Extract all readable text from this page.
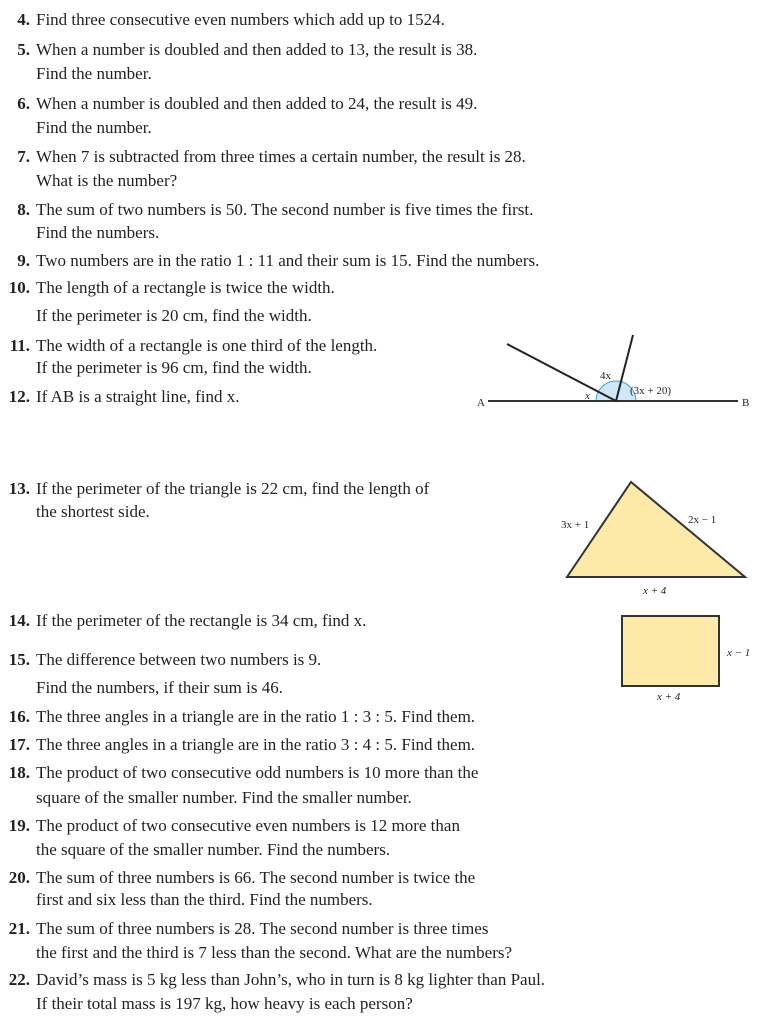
4. Find three consecutive even numbers which add up to 1524.
5. When a number is doubled and then added to 13, the result is 38.
Find the number.
6. When a number is doubled and then added to 24, the result is 49.
Find the number.
7. When 7 is subtracted from three times a certain number, the result is 28.
What is the number?
8. The sum of two numbers is 50. The second number is five times the first.
Find the numbers.
9. Two numbers are in the ratio 1 : 11 and their sum is 15. Find the numbers.
10. The length of a rectangle is twice the width.
If the perimeter is 20 cm, find the width.
11. The width of a rectangle is one third of the length.
If the perimeter is 96 cm, find the width.
12. If AB is a straight line, find x.
13. If the perimeter of the triangle is 22 cm, find the length of
the shortest side.
14. If the perimeter of the rectangle is 34 cm, find x.
15. The difference between two numbers is 9.
Find the numbers, if their sum is 46.
16. The three angles in a triangle are in the ratio 1 : 3 : 5. Find them.
17. The three angles in a triangle are in the ratio 3 : 4 : 5. Find them.
18. The product of two consecutive odd numbers is 10 more than the
square of the smaller number. Find the smaller number.
19. The product of two consecutive even numbers is 12 more than
the square of the smaller number. Find the numbers.
20. The sum of three numbers is 66. The second number is twice the
first and six less than the third. Find the numbers.
21. The sum of three numbers is 28. The second number is three times
the first and the third is 7 less than the second. What are the numbers?
22. David’s mass is 5 kg less than John’s, who in turn is 8 kg lighter than Paul.
If their total mass is 197 kg, how heavy is each person?
A	B
x
4x
(3x + 20)
3x + 1	2x − 1
x + 4
x − 1
x + 4
